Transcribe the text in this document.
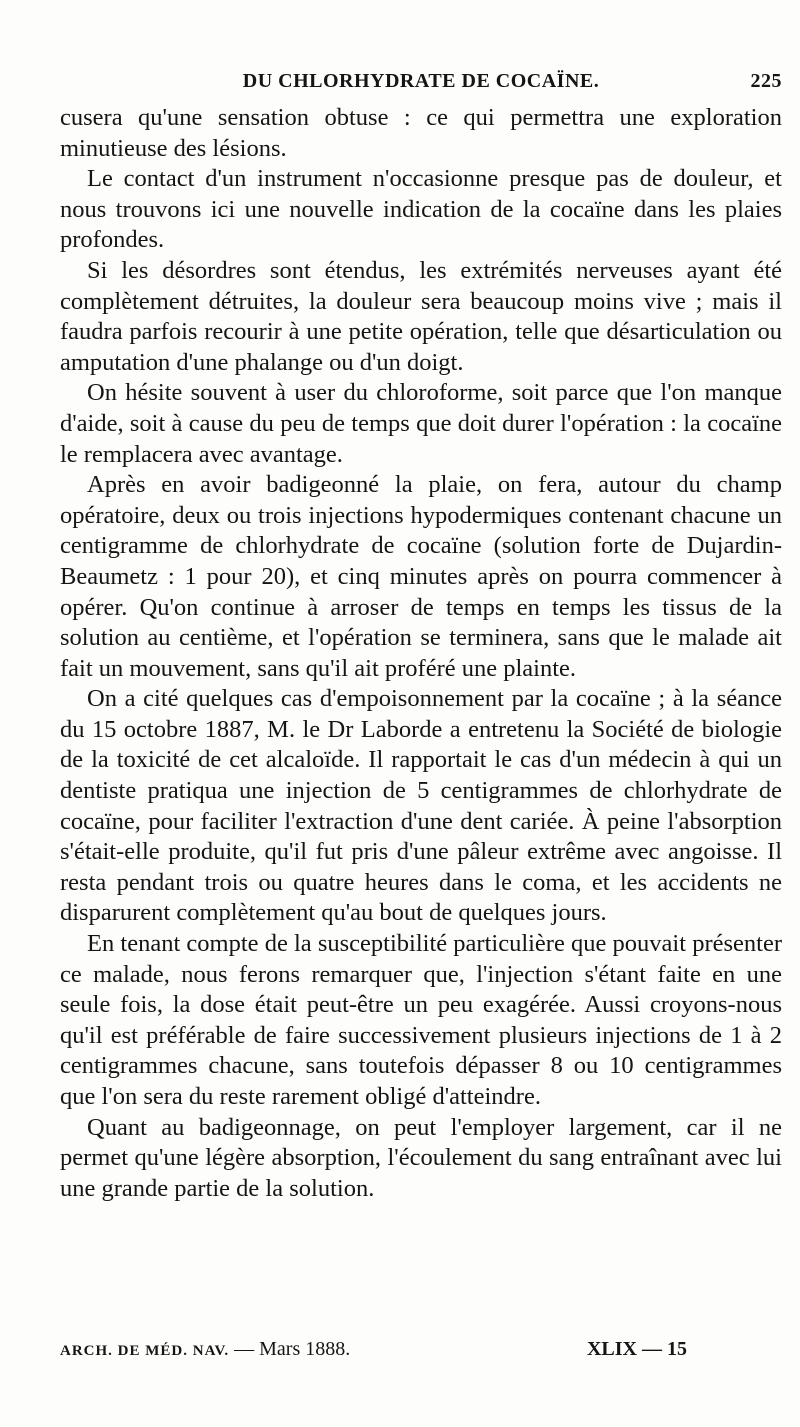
DU CHLORHYDRATE DE COCAÏNE.	225

cusera qu'une sensation obtuse : ce qui permettra une exploration minutieuse des lésions.

Le contact d'un instrument n'occasionne presque pas de douleur, et nous trouvons ici une nouvelle indication de la cocaïne dans les plaies profondes.

Si les désordres sont étendus, les extrémités nerveuses ayant été complètement détruites, la douleur sera beaucoup moins vive ; mais il faudra parfois recourir à une petite opération, telle que désarticulation ou amputation d'une phalange ou d'un doigt.

On hésite souvent à user du chloroforme, soit parce que l'on manque d'aide, soit à cause du peu de temps que doit durer l'opération : la cocaïne le remplacera avec avantage.

Après en avoir badigeonné la plaie, on fera, autour du champ opératoire, deux ou trois injections hypodermiques contenant chacune un centigramme de chlorhydrate de cocaïne (solution forte de Dujardin-Beaumetz : 1 pour 20), et cinq minutes après on pourra commencer à opérer. Qu'on continue à arroser de temps en temps les tissus de la solution au centième, et l'opération se terminera, sans que le malade ait fait un mouvement, sans qu'il ait proféré une plainte.

On a cité quelques cas d'empoisonnement par la cocaïne ; à la séance du 15 octobre 1887, M. le Dr Laborde a entretenu la Société de biologie de la toxicité de cet alcaloïde. Il rapportait le cas d'un médecin à qui un dentiste pratiqua une injection de 5 centigrammes de chlorhydrate de cocaïne, pour faciliter l'extraction d'une dent cariée. À peine l'absorption s'était-elle produite, qu'il fut pris d'une pâleur extrême avec angoisse. Il resta pendant trois ou quatre heures dans le coma, et les accidents ne disparurent complètement qu'au bout de quelques jours.

En tenant compte de la susceptibilité particulière que pouvait présenter ce malade, nous ferons remarquer que, l'injection s'étant faite en une seule fois, la dose était peut-être un peu exagérée. Aussi croyons-nous qu'il est préférable de faire successivement plusieurs injections de 1 à 2 centigrammes chacune, sans toutefois dépasser 8 ou 10 centigrammes que l'on sera du reste rarement obligé d'atteindre.

Quant au badigeonnage, on peut l'employer largement, car il ne permet qu'une légère absorption, l'écoulement du sang entraînant avec lui une grande partie de la solution.

ARCH. DE MÉD. NAV. — Mars 1888.	XLIX — 15
